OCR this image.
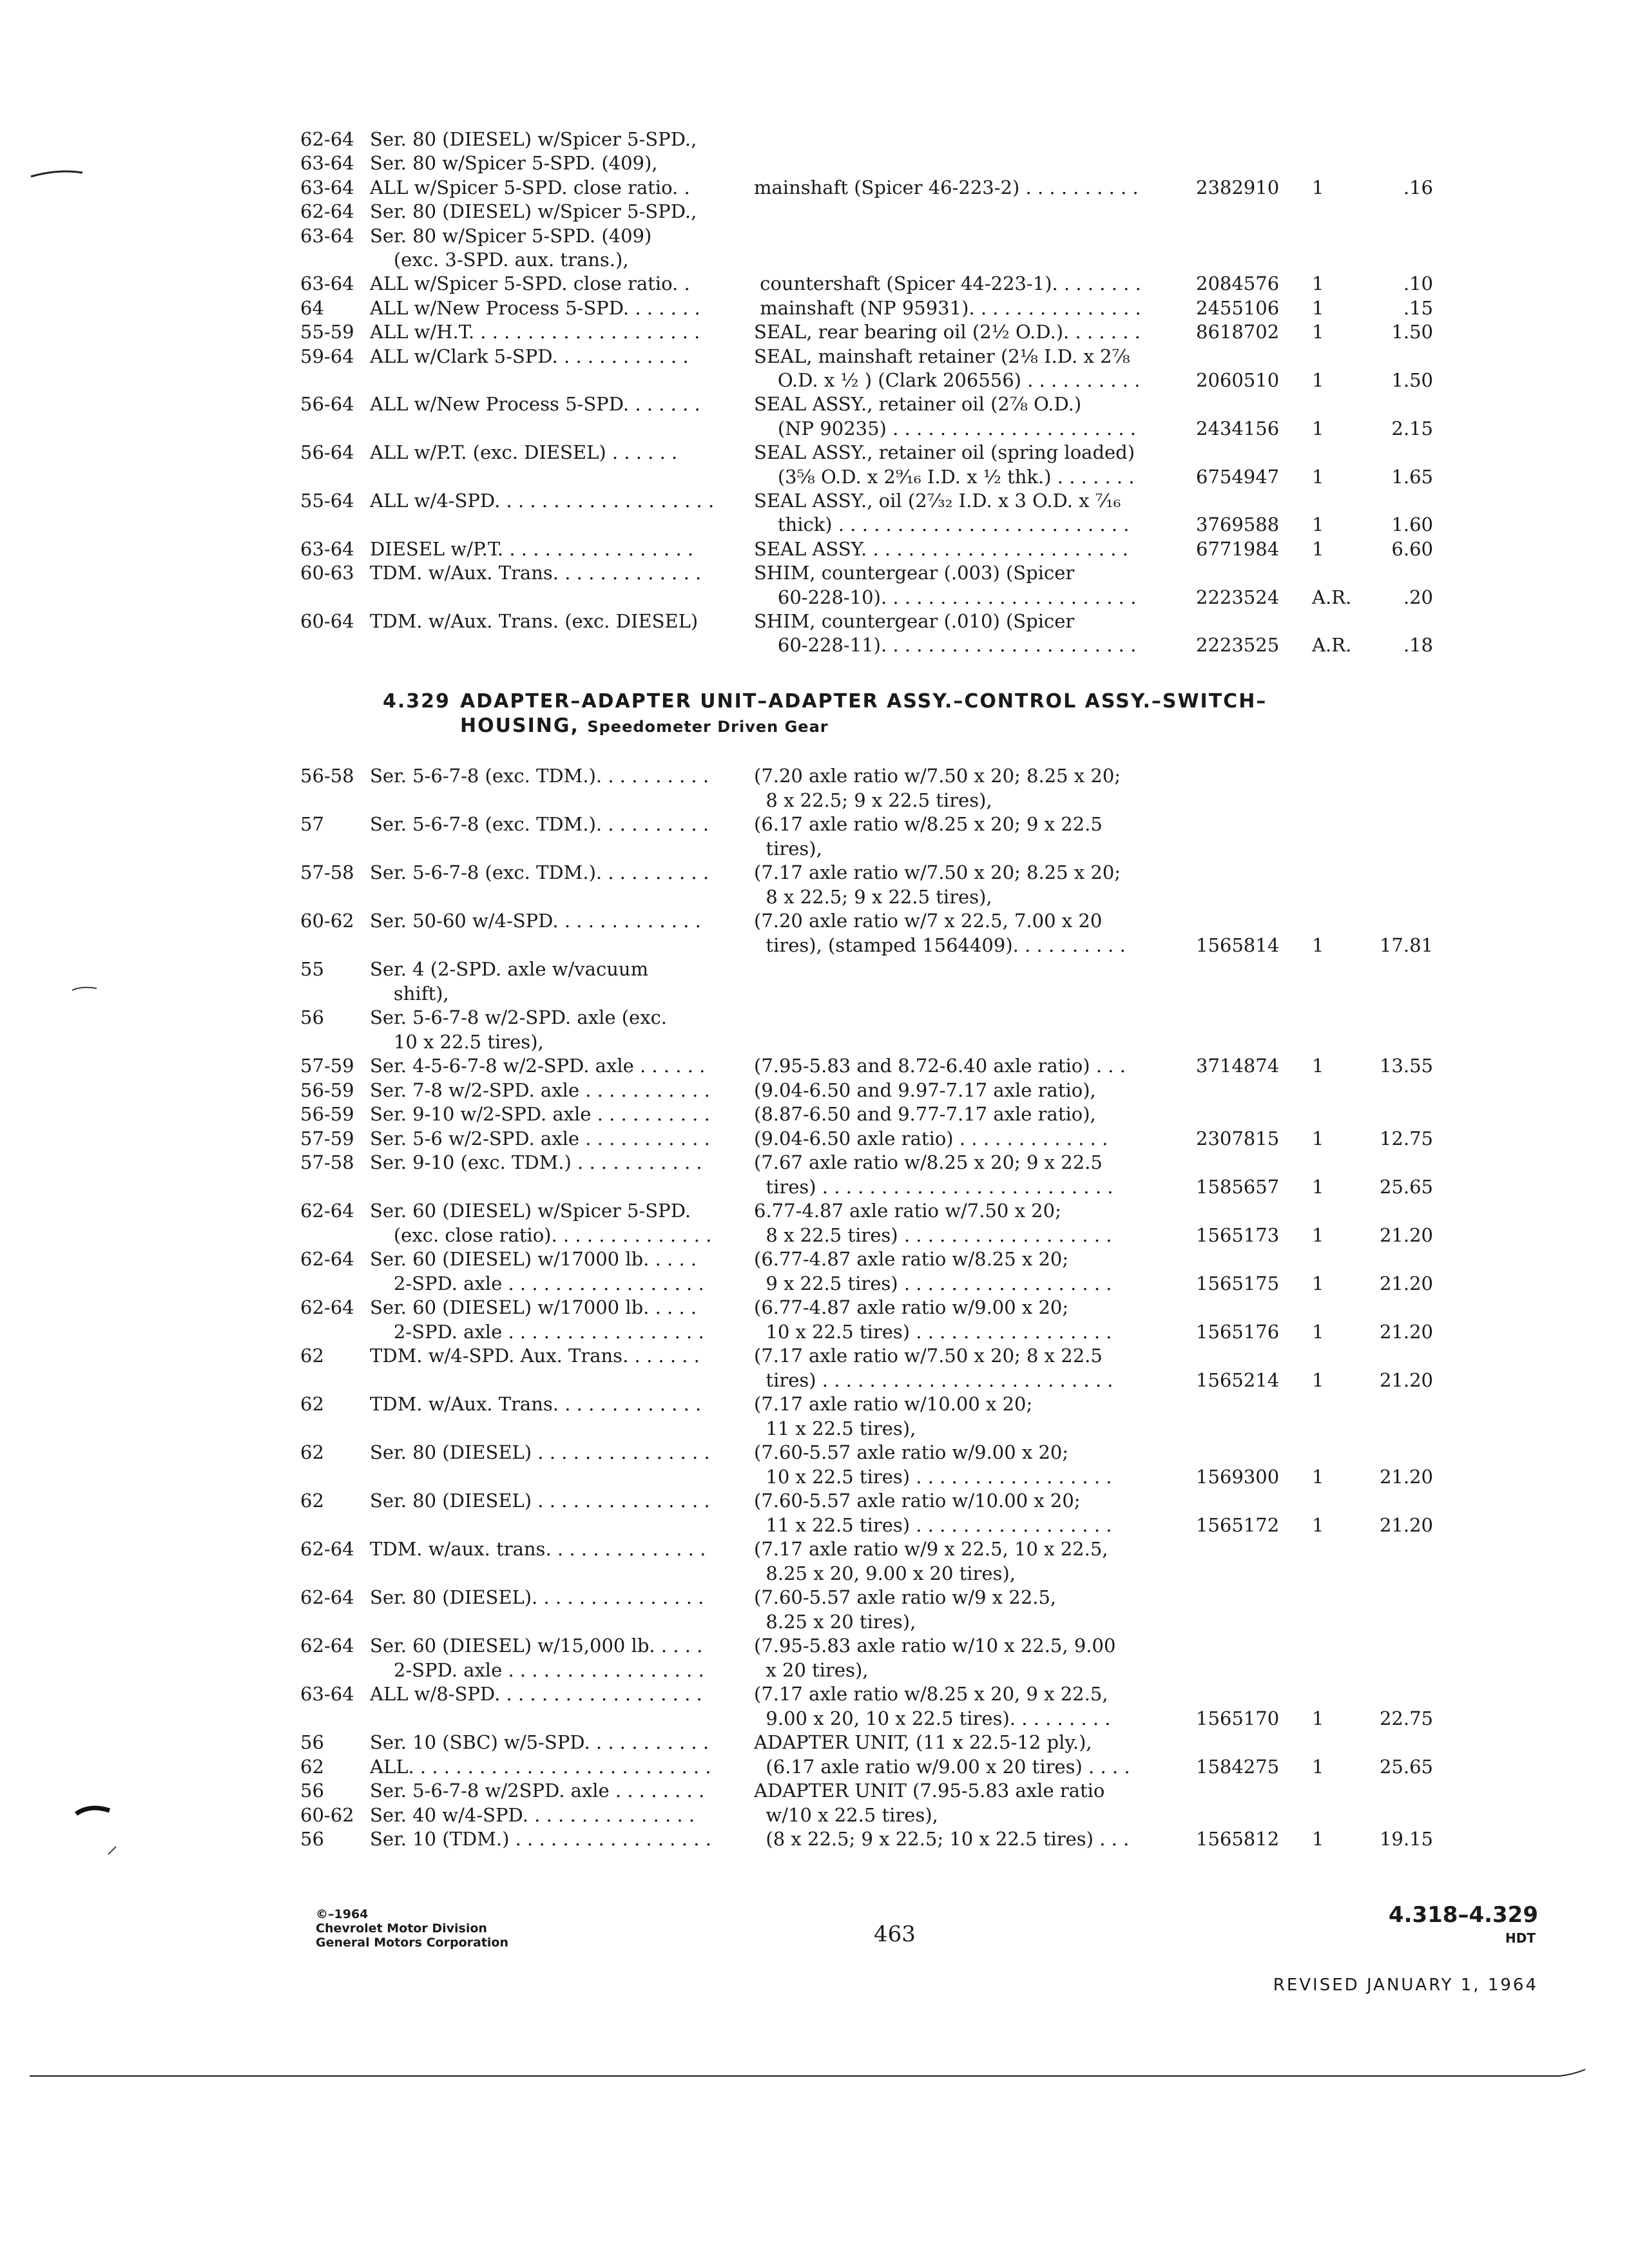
62-64 Ser. 80 (DIESEL) w/Spicer 5-SPD.,
63-64 Ser. 80 w/Spicer 5-SPD. (409),
63-64 ALL w/Spicer 5-SPD. close ratio. .	mainshaft (Spicer 46-223-2) . . . . . . . . . .	2382910 1	.16
62-64 Ser. 80 (DIESEL) w/Spicer 5-SPD.,
63-64 Ser. 80 w/Spicer 5-SPD. (409)
(exc. 3-SPD. aux. trans.),
63-64 ALL w/Spicer 5-SPD. close ratio. .	countershaft (Spicer 44-223-1). . . . . . . .	2084576 1	.10
64 ALL w/New Process 5-SPD. . . . . . .	mainshaft (NP 95931). . . . . . . . . . . . . . .	2455106 1	.15
55-59 ALL w/H.T. . . . . . . . . . . . . . . . . . . .	SEAL, rear bearing oil (2½ O.D.). . . . . . .	8618702 1	1.50
59-64 ALL w/Clark 5-SPD. . . . . . . . . . . .	SEAL, mainshaft retainer (2⅛ I.D. x 2⅞
O.D. x ½ ) (Clark 206556) . . . . . . . . . .	2060510 1	1.50
56-64 ALL w/New Process 5-SPD. . . . . . .	SEAL ASSY., retainer oil (2⅞ O.D.)
(NP 90235) . . . . . . . . . . . . . . . . . . . . .	2434156 1	2.15
56-64 ALL w/P.T. (exc. DIESEL) . . . . . .	SEAL ASSY., retainer oil (spring loaded)
(3⅝ O.D. x 2⁹⁄₁₆ I.D. x ½ thk.) . . . . . . .	6754947 1	1.65
55-64 ALL w/4-SPD. . . . . . . . . . . . . . . . . . .	SEAL ASSY., oil (2⁷⁄₃₂ I.D. x 3 O.D. x ⁷⁄₁₆
thick) . . . . . . . . . . . . . . . . . . . . . . . . .	3769588 1	1.60
63-64 DIESEL w/P.T. . . . . . . . . . . . . . . . .	SEAL ASSY. . . . . . . . . . . . . . . . . . . . . . .	6771984 1	6.60
60-63 TDM. w/Aux. Trans. . . . . . . . . . . . .	SHIM, countergear (.003) (Spicer
60-228-10). . . . . . . . . . . . . . . . . . . . . .	2223524 A.R.	.20
60-64 TDM. w/Aux. Trans. (exc. DIESEL)	SHIM, countergear (.010) (Spicer
60-228-11). . . . . . . . . . . . . . . . . . . . . .	2223525 A.R.	.18
4.329 ADAPTER–ADAPTER UNIT–ADAPTER ASSY.–CONTROL ASSY.–SWITCH–
HOUSING, Speedometer Driven Gear
56-58 Ser. 5-6-7-8 (exc. TDM.). . . . . . . . . .	(7.20 axle ratio w/7.50 x 20; 8.25 x 20;
8 x 22.5; 9 x 22.5 tires),
57 Ser. 5-6-7-8 (exc. TDM.). . . . . . . . . .	(6.17 axle ratio w/8.25 x 20; 9 x 22.5
tires),
57-58 Ser. 5-6-7-8 (exc. TDM.). . . . . . . . . .	(7.17 axle ratio w/7.50 x 20; 8.25 x 20;
8 x 22.5; 9 x 22.5 tires),
60-62 Ser. 50-60 w/4-SPD. . . . . . . . . . . . .	(7.20 axle ratio w/7 x 22.5, 7.00 x 20
tires), (stamped 1564409). . . . . . . . . .	1565814 1	17.81
55 Ser. 4 (2-SPD. axle w/vacuum
shift),
56 Ser. 5-6-7-8 w/2-SPD. axle (exc.
10 x 22.5 tires),
57-59 Ser. 4-5-6-7-8 w/2-SPD. axle . . . . . .	(7.95-5.83 and 8.72-6.40 axle ratio) . . .	3714874 1	13.55
56-59 Ser. 7-8 w/2-SPD. axle . . . . . . . . . . .	(9.04-6.50 and 9.97-7.17 axle ratio),
56-59 Ser. 9-10 w/2-SPD. axle . . . . . . . . . .	(8.87-6.50 and 9.77-7.17 axle ratio),
57-59 Ser. 5-6 w/2-SPD. axle . . . . . . . . . . .	(9.04-6.50 axle ratio) . . . . . . . . . . . . .	2307815 1	12.75
57-58 Ser. 9-10 (exc. TDM.) . . . . . . . . . . .	(7.67 axle ratio w/8.25 x 20; 9 x 22.5
tires) . . . . . . . . . . . . . . . . . . . . . . . . .	1585657 1	25.65
62-64 Ser. 60 (DIESEL) w/Spicer 5-SPD.	6.77-4.87 axle ratio w/7.50 x 20;
(exc. close ratio). . . . . . . . . . . . . .	8 x 22.5 tires) . . . . . . . . . . . . . . . . . .	1565173 1	21.20
62-64 Ser. 60 (DIESEL) w/17000 lb. . . . .	(6.77-4.87 axle ratio w/8.25 x 20;
2-SPD. axle . . . . . . . . . . . . . . . . .	9 x 22.5 tires) . . . . . . . . . . . . . . . . . .	1565175 1	21.20
62-64 Ser. 60 (DIESEL) w/17000 lb. . . . .	(6.77-4.87 axle ratio w/9.00 x 20;
2-SPD. axle . . . . . . . . . . . . . . . . .	10 x 22.5 tires) . . . . . . . . . . . . . . . . .	1565176 1	21.20
62 TDM. w/4-SPD. Aux. Trans. . . . . . .	(7.17 axle ratio w/7.50 x 20; 8 x 22.5
tires) . . . . . . . . . . . . . . . . . . . . . . . . .	1565214 1	21.20
62 TDM. w/Aux. Trans. . . . . . . . . . . . .	(7.17 axle ratio w/10.00 x 20;
11 x 22.5 tires),
62 Ser. 80 (DIESEL) . . . . . . . . . . . . . . .	(7.60-5.57 axle ratio w/9.00 x 20;
10 x 22.5 tires) . . . . . . . . . . . . . . . . .	1569300 1	21.20
62 Ser. 80 (DIESEL) . . . . . . . . . . . . . . .	(7.60-5.57 axle ratio w/10.00 x 20;
11 x 22.5 tires) . . . . . . . . . . . . . . . . .	1565172 1	21.20
62-64 TDM. w/aux. trans. . . . . . . . . . . . . .	(7.17 axle ratio w/9 x 22.5, 10 x 22.5,
8.25 x 20, 9.00 x 20 tires),
62-64 Ser. 80 (DIESEL). . . . . . . . . . . . . . .	(7.60-5.57 axle ratio w/9 x 22.5,
8.25 x 20 tires),
62-64 Ser. 60 (DIESEL) w/15,000 lb. . . . .	(7.95-5.83 axle ratio w/10 x 22.5, 9.00
2-SPD. axle . . . . . . . . . . . . . . . . .	x 20 tires),
63-64 ALL w/8-SPD. . . . . . . . . . . . . . . . . .	(7.17 axle ratio w/8.25 x 20, 9 x 22.5,
9.00 x 20, 10 x 22.5 tires). . . . . . . . .	1565170 1	22.75
56 Ser. 10 (SBC) w/5-SPD. . . . . . . . . . .	ADAPTER UNIT, (11 x 22.5-12 ply.),
62 ALL. . . . . . . . . . . . . . . . . . . . . . . . . .	(6.17 axle ratio w/9.00 x 20 tires) . . . .	1584275 1	25.65
56 Ser. 5-6-7-8 w/2SPD. axle . . . . . . . .	ADAPTER UNIT (7.95-5.83 axle ratio
60-62 Ser. 40 w/4-SPD. . . . . . . . . . . . . . .	w/10 x 22.5 tires),
56 Ser. 10 (TDM.) . . . . . . . . . . . . . . . . .	(8 x 22.5; 9 x 22.5; 10 x 22.5 tires) . . .	1565812 1	19.15
©–1964
Chevrolet Motor Division
General Motors Corporation	463
4.318–4.329
HDT
REVISED JANUARY 1, 1964
